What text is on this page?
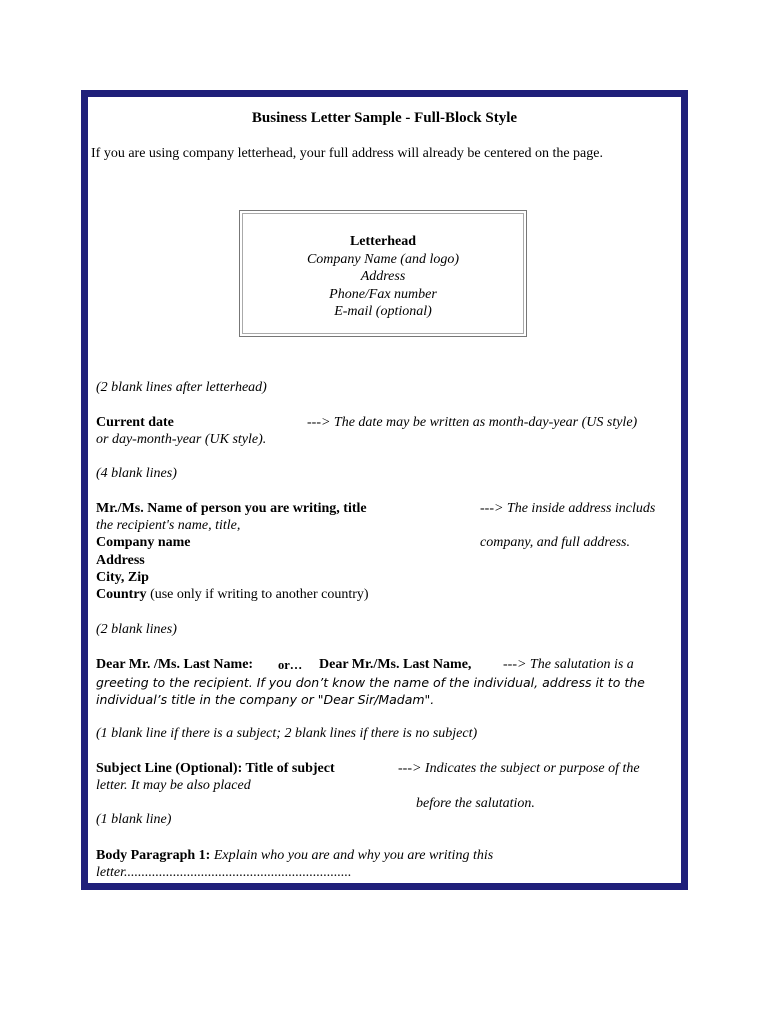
Business Letter Sample - Full-Block Style
If you are using company letterhead, your full address will already be centered on the page.
Letterhead
Company Name (and logo)
Address
Phone/Fax number
E-mail (optional)
(2 blank lines after letterhead)
Current date	---> The date may be written as month-day-year (US style)
or day-month-year (UK style).
(4 blank lines)
Mr./Ms. Name of person you are writing, title	---> The inside address includs
the recipient's name, title,
Company name	company, and full address.
Address
City, Zip
Country (use only if writing to another country)
(2 blank lines)
Dear Mr. /Ms. Last Name: or… Dear Mr./Ms. Last Name, ---> The salutation is a
greeting to the recipient. If you don’t know the name of the individual, address it to the
individual’s title in the company or "Dear Sir/Madam".
(1 blank line if there is a subject; 2 blank lines if there is no subject)
Subject Line (Optional): Title of subject	---> Indicates the subject or purpose of the
letter. It may be also placed
before the salutation.
(1 blank line)
Body Paragraph 1: Explain who you are and why you are writing this
letter.................................................................
